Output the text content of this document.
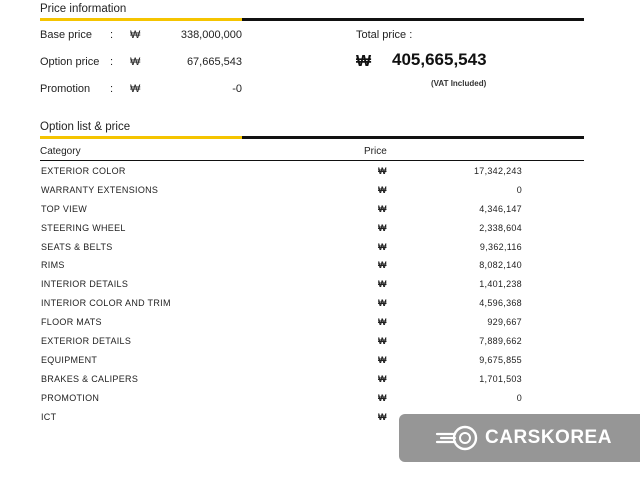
Price information
Base price : ₩	338,000,000
Option price : ₩	67,665,543
Promotion : ₩	-0
Total price :
₩ 405,665,543
(VAT Included)
Option list & price
Category	Price
EXTERIOR COLOR	₩	17,342,243
WARRANTY EXTENSIONS	₩	0
TOP VIEW	₩	4,346,147
STEERING WHEEL	₩	2,338,604
SEATS & BELTS	₩	9,362,116
RIMS	₩	8,082,140
INTERIOR DETAILS	₩	1,401,238
INTERIOR COLOR AND TRIM	₩	4,596,368
FLOOR MATS	₩	929,667
EXTERIOR DETAILS	₩	7,889,662
EQUIPMENT	₩	9,675,855
BRAKES & CALIPERS	₩	1,701,503
PROMOTION	₩	0
ICT	₩
CARSKOREA
